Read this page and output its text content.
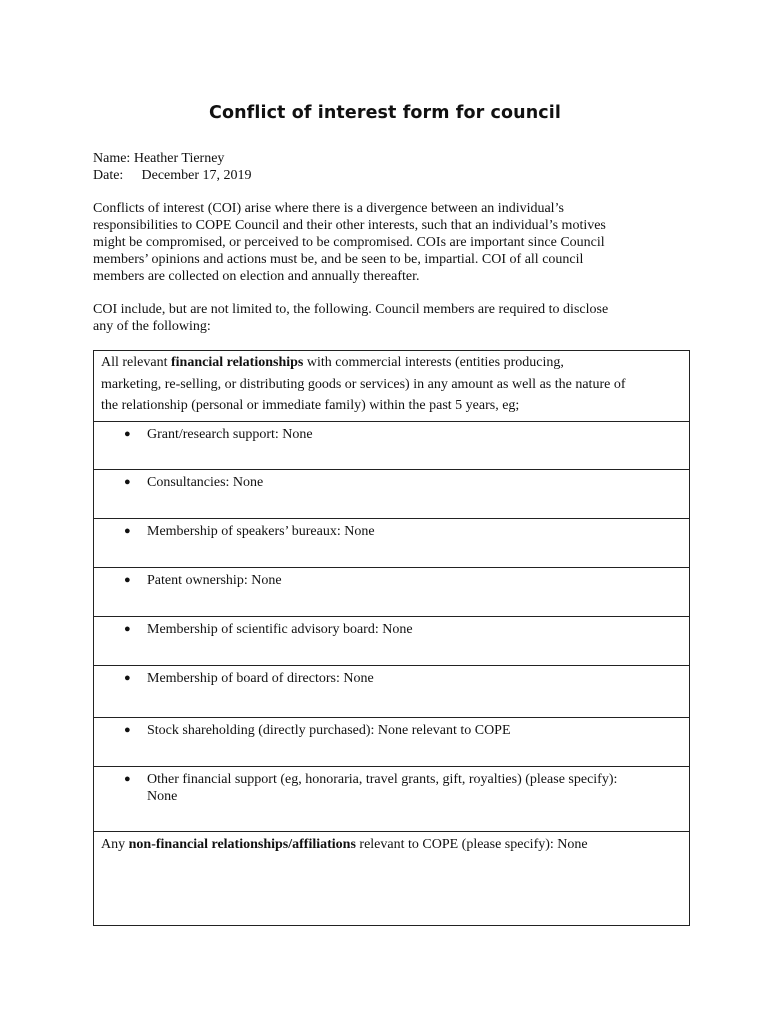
Conflict of interest form for council
Name: Heather Tierney
Date: December 17, 2019

Conflicts of interest (COI) arise where there is a divergence between an individual’s
responsibilities to COPE Council and their other interests, such that an individual’s motives
might be compromised, or perceived to be compromised. COIs are important since Council
members’ opinions and actions must be, and be seen to be, impartial. COI of all council
members are collected on election and annually thereafter.

COI include, but are not limited to, the following. Council members are required to disclose
any of the following:

All relevant financial relationships with commercial interests (entities producing,
marketing, re-selling, or distributing goods or services) in any amount as well as the nature of
the relationship (personal or immediate family) within the past 5 years, eg;
● Grant/research support: None
● Consultancies: None
● Membership of speakers’ bureaux: None
● Patent ownership: None
● Membership of scientific advisory board: None
● Membership of board of directors: None
● Stock shareholding (directly purchased): None relevant to COPE
● Other financial support (eg, honoraria, travel grants, gift, royalties) (please specify):
None
Any non-financial relationships/affiliations relevant to COPE (please specify): None
